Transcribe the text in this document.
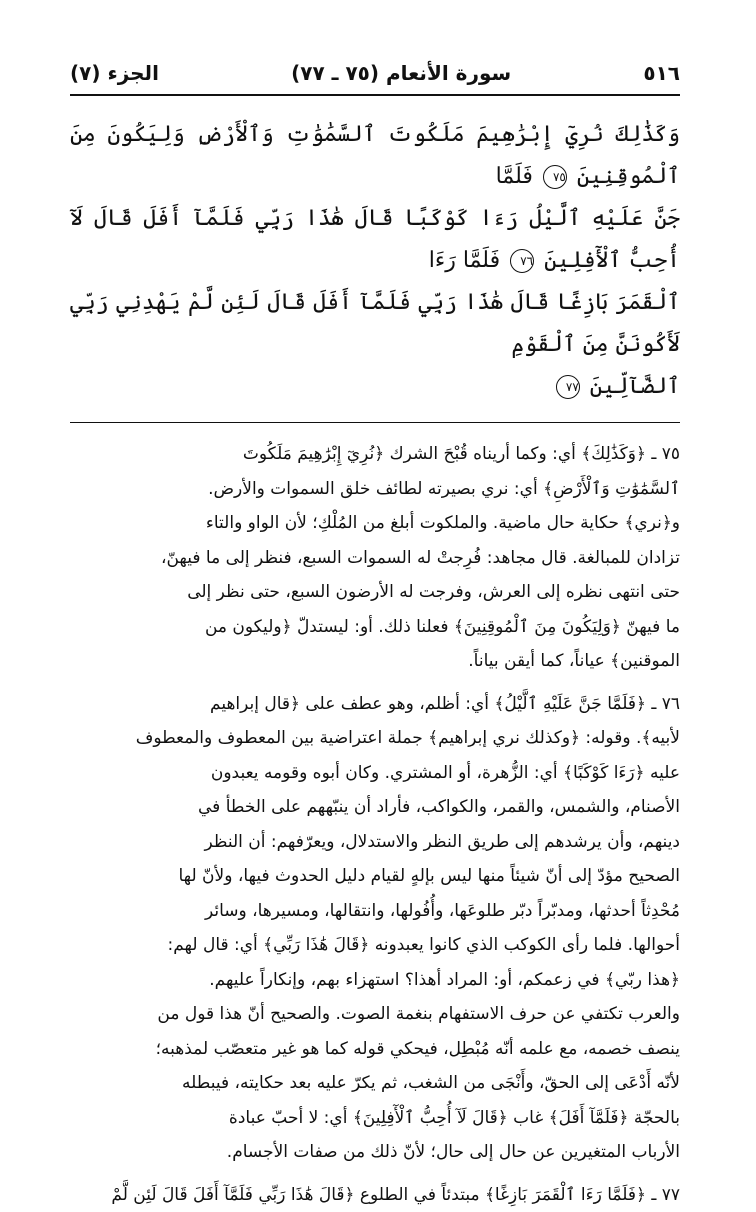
٥١٦
سورة الأنعام (٧٥ ـ ٧٧)
الجزء (٧)
وَكَذَٰلِكَ نُرِيٓ إِبْرَٰهِيمَ مَلَكُوتَ ٱلسَّمَٰوَٰتِ وَٱلْأَرْضِ وَلِيَكُونَ مِنَ ٱلْمُوقِنِينَ ٧٥ فَلَمَّا
جَنَّ عَلَيْهِ ٱلَّيْلُ رَءَا كَوْكَبًا قَالَ هَٰذَا رَبِّي فَلَمَّآ أَفَلَ قَالَ لَآ أُحِبُّ ٱلْأٓفِلِينَ ٧٦ فَلَمَّا رَءَا
ٱلْقَمَرَ بَازِغًا قَالَ هَٰذَا رَبِّي فَلَمَّآ أَفَلَ قَالَ لَئِن لَّمْ يَهْدِنِي رَبِّي لَأَكُونَنَّ مِنَ ٱلْقَوْمِ
ٱلضَّآلِّينَ ٧٧
٧٥ ـ ﴿وَكَذَٰلِكَ﴾ أي: وكما أريناه قُبْحَ الشرك ﴿نُرِيٓ إِبْرَٰهِيمَ مَلَكُوتَ
ٱلسَّمَٰوَٰتِ وَٱلْأَرْضِ﴾ أي: نري بصيرته لطائف خلق السموات والأرض.
و﴿نري﴾ حكاية حال ماضية. والملكوت أبلغ من المُلْكِ؛ لأن الواو والتاء
تزادان للمبالغة. قال مجاهد: فُرِجتْ له السموات السبع، فنظر إلى ما فيهنّ،
حتى انتهى نظره إلى العرش، وفرجت له الأرضون السبع، حتى نظر إلى
ما فيهنّ ﴿وَلِيَكُونَ مِنَ ٱلْمُوقِنِينَ﴾ فعلنا ذلك. أو: ليستدلّ ﴿وليكون من
الموقنين﴾ عياناً، كما أيقن بياناً.
٧٦ ـ ﴿فَلَمَّا جَنَّ عَلَيْهِ ٱلَّيْلُ﴾ أي: أظلم، وهو عطف على ﴿قال إبراهيم
لأبيه﴾. وقوله: ﴿وكذلك نري إبراهيم﴾ جملة اعتراضية بين المعطوف والمعطوف
عليه ﴿رَءَا كَوْكَبًا﴾ أي: الزُّهرة، أو المشتري. وكان أبوه وقومه يعبدون
الأصنام، والشمس، والقمر، والكواكب، فأراد أن ينبّههم على الخطأ في
دينهم، وأن يرشدهم إلى طريق النظر والاستدلال، ويعرّفهم: أن النظر
الصحيح مؤدّ إلى أنّ شيئاً منها ليس بإلهٍ لقيام دليل الحدوث فيها، ولأنّ لها
مُحْدِثاً أحدثها، ومدبّراً دبّر طلوعَها، وأُفُولها، وانتقالها، ومسيرها، وسائر
أحوالها. فلما رأى الكوكب الذي كانوا يعبدونه ﴿قَالَ هَٰذَا رَبِّي﴾ أي: قال لهم:
﴿هذا ربّي﴾ في زعمكم، أو: المراد أهذا؟ استهزاء بهم، وإنكاراً عليهم.
والعرب تكتفي عن حرف الاستفهام بنغمة الصوت. والصحيح أنّ هذا قول من
ينصف خصمه، مع علمه أنّه مُبْطِل، فيحكي قوله كما هو غير متعصّب لمذهبه؛
لأنّه أَدْعَى إلى الحقّ، وأَنْجَى من الشغب، ثم يكرّ عليه بعد حكايته، فيبطله
بالحجّة ﴿فَلَمَّآ أَفَلَ﴾ غاب ﴿قَالَ لَآ أُحِبُّ ٱلْأٓفِلِينَ﴾ أي: لا أحبّ عبادة
الأرباب المتغيرين عن حال إلى حال؛ لأنّ ذلك من صفات الأجسام.
٧٧ ـ ﴿فَلَمَّا رَءَا ٱلْقَمَرَ بَازِغًا﴾ مبتدئاً في الطلوع ﴿قَالَ هَٰذَا رَبِّي فَلَمَّآ أَفَلَ قَالَ لَئِن لَّمْ
